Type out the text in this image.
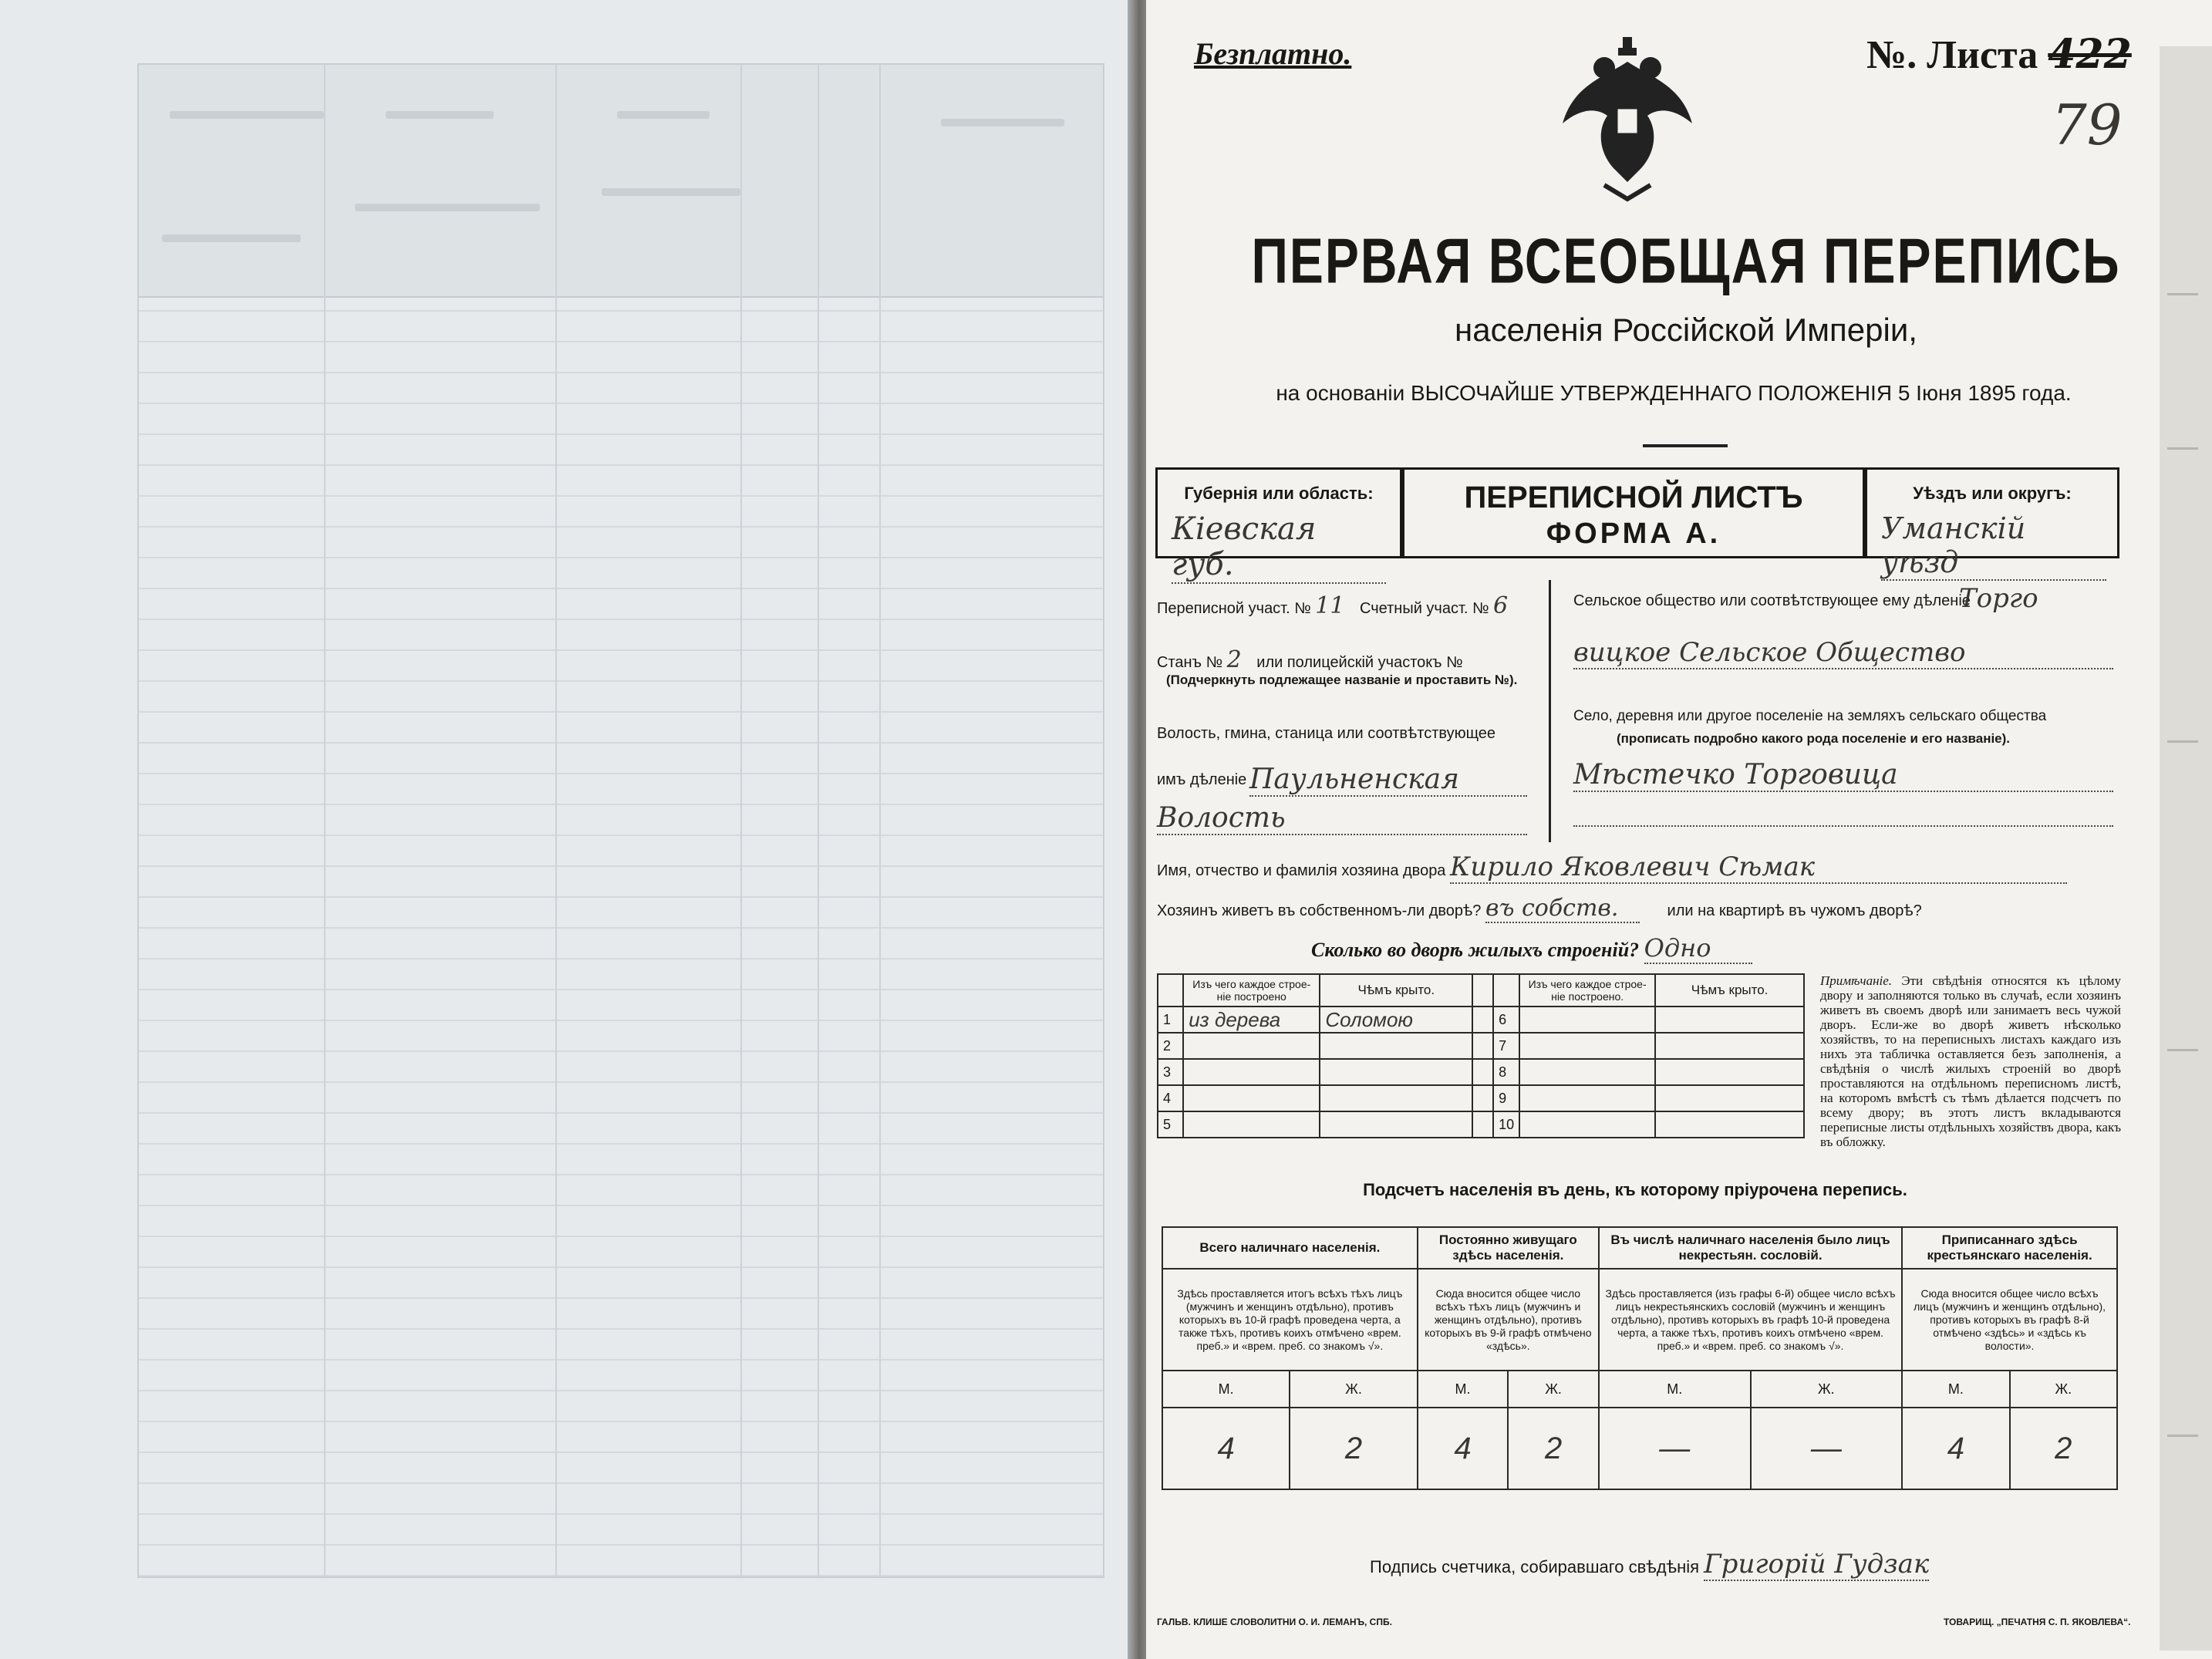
Безплатно.	№. Листа 422
79
ПЕРВАЯ ВСЕОБЩАЯ ПЕРЕПИСЬ
населенія Россійской Имперіи,
на основаніи ВЫСОЧАЙШЕ УТВЕРЖДЕННАГО ПОЛОЖЕНІЯ 5 Іюня 1895 года.
Губернія или область:
Кіевская губ.
ПЕРЕПИСНОЙ ЛИСТЪ
ФОРМА А.
Уѣздъ или округъ:
Уманскій уѣзд
Переписной участ. № 11 Счетный участ. № 6
Станъ № 2 или полицейскій участокъ №
(Подчеркнуть подлежащее названіе и проставить №).
Волость, гмина, станица или соотвѣтствующее
имъ дѣленіе Паульненская
Волость
Сельское общество или соотвѣтствующее ему дѣленіе
Торго
вицкое Сельское Общество
Село, деревня или другое поселеніе на земляхъ сельскаго общества
(прописать подробно какого рода поселеніе и его названіе).
Мѣстечко Торговица
Имя, отчество и фамилія хозяина двора Кирило Яковлевич Сѣмак
Хозяинъ живетъ въ собственномъ-ли дворѣ? въ собств.	или на квартирѣ въ чужомъ дворѣ?
Сколько во дворѣ жилыхъ строеній? Одно
	Изъ чего каждое строе-ніе построено	Чѣмъ крыто.			Изъ чего каждое строе-ніе построено.	Чѣмъ крыто.
1	из дерева	Соломою		6		
2				7		
3				8		
4				9		
5				10		
Примѣчаніе. Эти свѣдѣнія относятся къ цѣлому двору и заполняются только въ случаѣ, если хозяинъ живетъ въ своемъ дворѣ или занимаетъ весь чужой дворъ. Если-же во дворѣ живетъ нѣсколько хозяйствъ, то на переписныхъ листахъ каждаго изъ нихъ эта табличка оставляется безъ заполненія, а свѣдѣнія о числѣ жилыхъ строеній во дворѣ проставляются на отдѣльномъ переписномъ листѣ, на которомъ вмѣстѣ съ тѣмъ дѣлается подсчетъ по всему двору; въ этотъ листъ вкладываются переписные листы отдѣльныхъ хозяйствъ двора, какъ въ обложку.
Подсчетъ населенія въ день, къ которому пріурочена перепись.
Всего наличнаго населенія.		Постоянно живущаго здѣсь населенія.		Въ числѣ наличнаго населенія было лицъ некрестьян. сословій.		Приписаннаго здѣсь крестьянскаго населенія.	
Здѣсь проставляется итогъ всѣхъ тѣхъ лицъ (мужчинъ и женщинъ отдѣльно), противъ которыхъ въ 10-й графѣ проведена черта, а также тѣхъ, противъ коихъ отмѣчено «врем. преб.» и «врем. преб. со знакомъ √».		Сюда вносится общее число всѣхъ тѣхъ лицъ (мужчинъ и женщинъ отдѣльно), противъ которыхъ въ 9-й графѣ отмѣчено «здѣсь».		Здѣсь проставляется (изъ графы 6-й) общее число всѣхъ лицъ некрестьянскихъ сословій (мужчинъ и женщинъ отдѣльно), противъ которыхъ въ графѣ 10-й проведена черта, а также тѣхъ, противъ коихъ отмѣчено «врем. преб.» и «врем. преб. со знакомъ √».		Сюда вносится общее число всѣхъ лицъ (мужчинъ и женщинъ отдѣльно), противъ которыхъ въ графѣ 8-й отмѣчено «здѣсь» и «здѣсь къ волости».	
М.	Ж.	М.	Ж.	М.	Ж.	М.	Ж.
4	2	4	2	—	—	4	2
Подпись счетчика, собиравшаго свѣдѣнія Григорій Гудзак
ГАЛЬВ. КЛИШЕ СЛОВОЛИТНИ О. И. ЛЕМАНЪ, СПБ.	ТОВАРИЩ. „ПЕЧАТНЯ С. П. ЯКОВЛЕВА“.
